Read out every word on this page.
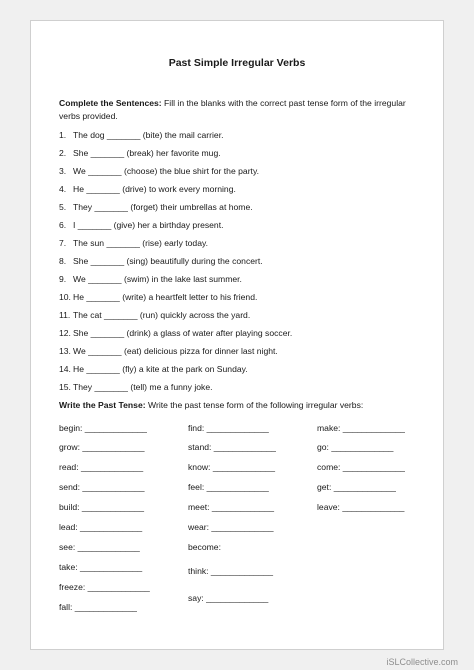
Past Simple Irregular Verbs
Complete the Sentences: Fill in the blanks with the correct past tense form of the irregular verbs provided.
1. The dog _______ (bite) the mail carrier.
2. She _______ (break) her favorite mug.
3. We _______ (choose) the blue shirt for the party.
4. He _______ (drive) to work every morning.
5. They _______ (forget) their umbrellas at home.
6. I _______ (give) her a birthday present.
7. The sun _______ (rise) early today.
8. She _______ (sing) beautifully during the concert.
9. We _______ (swim) in the lake last summer.
10. He _______ (write) a heartfelt letter to his friend.
11. The cat _______ (run) quickly across the yard.
12. She _______ (drink) a glass of water after playing soccer.
13. We _______ (eat) delicious pizza for dinner last night.
14. He _______ (fly) a kite at the park on Sunday.
15. They _______ (tell) me a funny joke.
Write the Past Tense: Write the past tense form of the following irregular verbs:
begin: _____________
grow: _____________
read: _____________
send: _____________
build: _____________
lead: _____________
see: _____________
take: _____________
freeze: _____________
fall: _____________
find: _____________
stand: _____________
know: _____________
feel: _____________
meet: _____________
wear: _____________
become:
think: _____________
say: _____________
make: _____________
go: _____________
come: _____________
get: _____________
leave: _____________
iSLCollective.com
